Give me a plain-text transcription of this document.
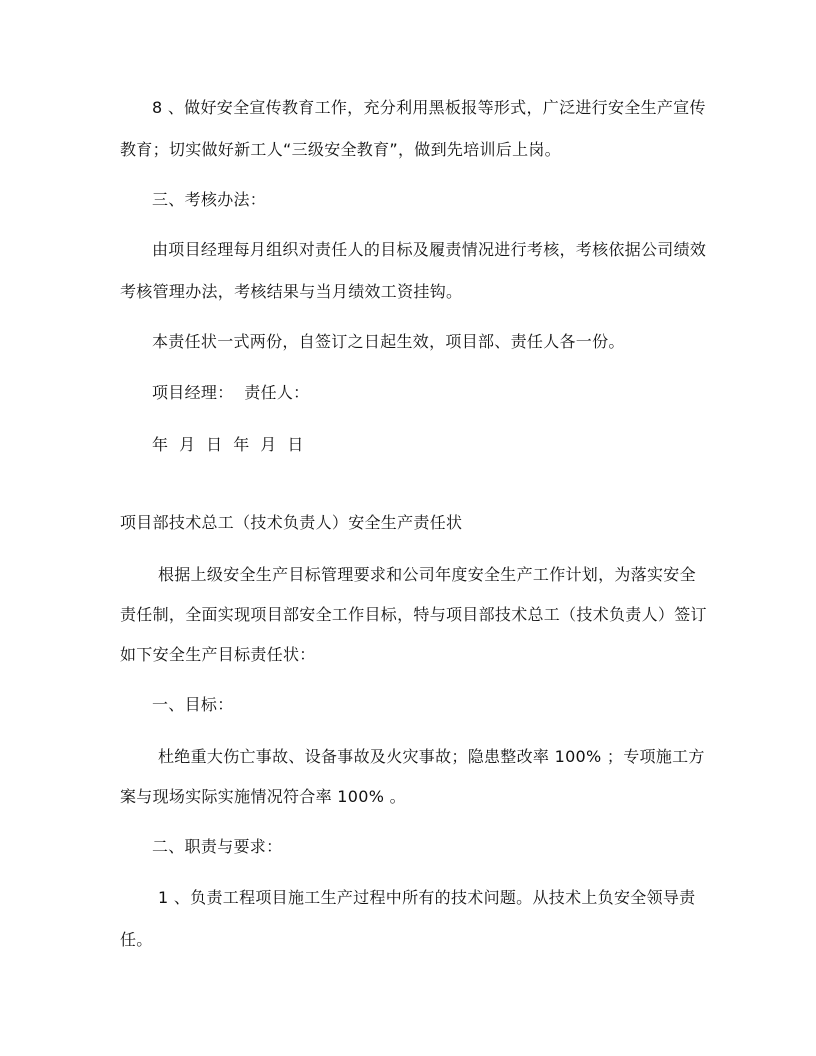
8 、做好安全宣传教育工作，充分利用黑板报等形式，广泛进行安全生产宣传
教育；切实做好新工人“三级安全教育”，做到先培训后上岗。
三、考核办法：
由项目经理每月组织对责任人的目标及履责情况进行考核，考核依据公司绩效
考核管理办法，考核结果与当月绩效工资挂钩。
本责任状一式两份，自签订之日起生效，项目部、责任人各一份。
项目经理：  责任人：
年  月  日  年  月  日
项目部技术总工（技术负责人）安全生产责任状
根据上级安全生产目标管理要求和公司年度安全生产工作计划，为落实安全
责任制，全面实现项目部安全工作目标，特与项目部技术总工（技术负责人）签订
如下安全生产目标责任状：
一、目标：
杜绝重大伤亡事故、设备事故及火灾事故；隐患整改率 100% ；专项施工方
案与现场实际实施情况符合率 100% 。
二、职责与要求：
1 、负责工程项目施工生产过程中所有的技术问题。从技术上负安全领导责
任。
